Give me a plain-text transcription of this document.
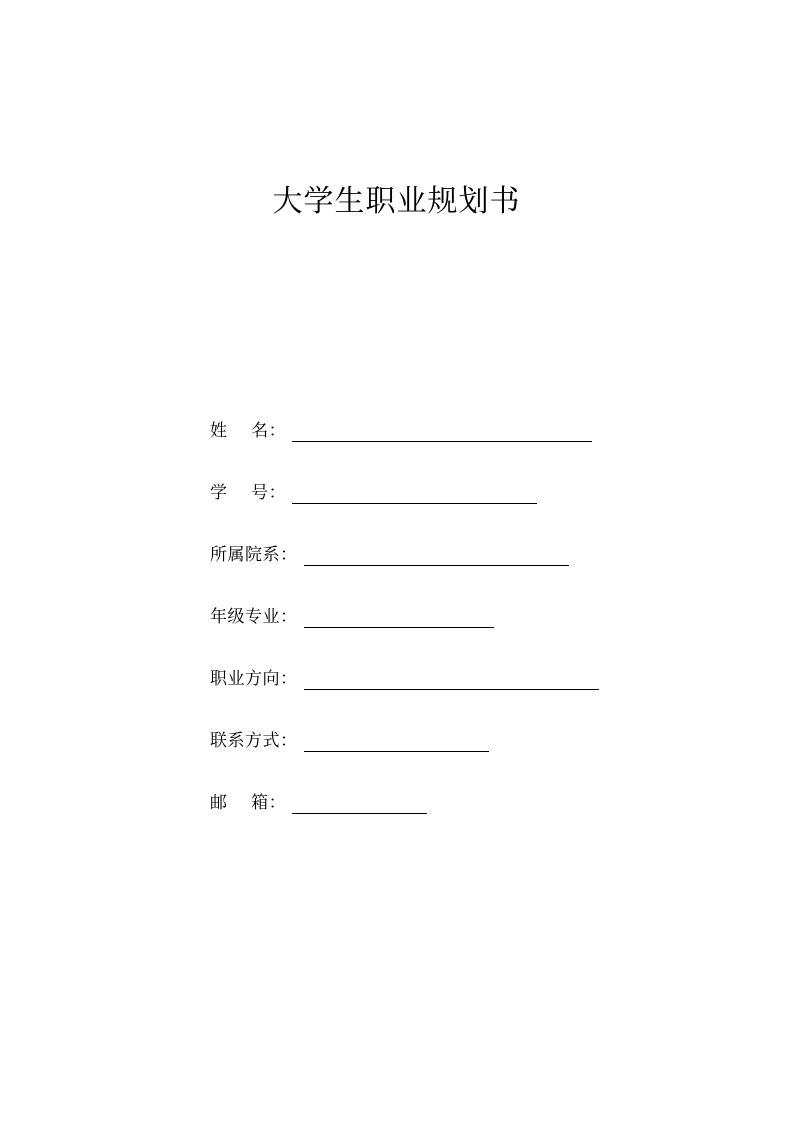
大学生职业规划书
姓    名：
学    号：
所属院系：
年级专业：
职业方向：
联系方式：
邮    箱：
